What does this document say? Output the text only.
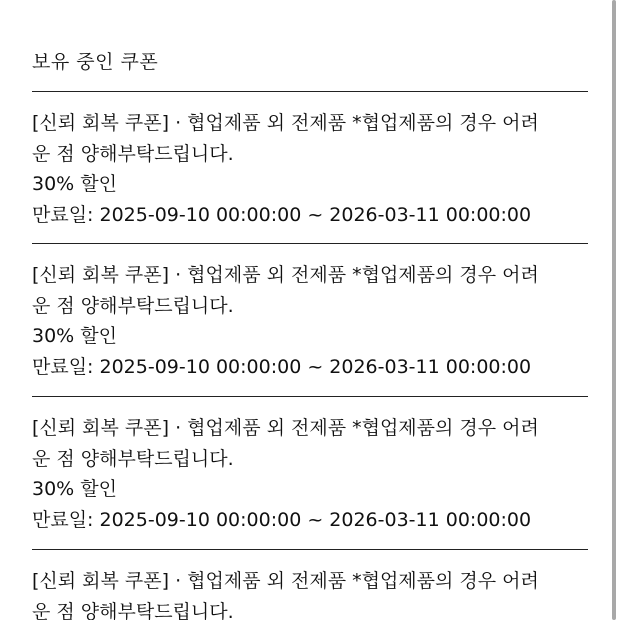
보유 중인 쿠폰
[신뢰 회복 쿠폰] · 협업제품 외 전제품 *협업제품의 경우 어려
운 점 양해부탁드립니다.
30% 할인
만료일: 2025-09-10 00:00:00 ~ 2026-03-11 00:00:00
[신뢰 회복 쿠폰] · 협업제품 외 전제품 *협업제품의 경우 어려
운 점 양해부탁드립니다.
30% 할인
만료일: 2025-09-10 00:00:00 ~ 2026-03-11 00:00:00
[신뢰 회복 쿠폰] · 협업제품 외 전제품 *협업제품의 경우 어려
운 점 양해부탁드립니다.
30% 할인
만료일: 2025-09-10 00:00:00 ~ 2026-03-11 00:00:00
[신뢰 회복 쿠폰] · 협업제품 외 전제품 *협업제품의 경우 어려
운 점 양해부탁드립니다.
